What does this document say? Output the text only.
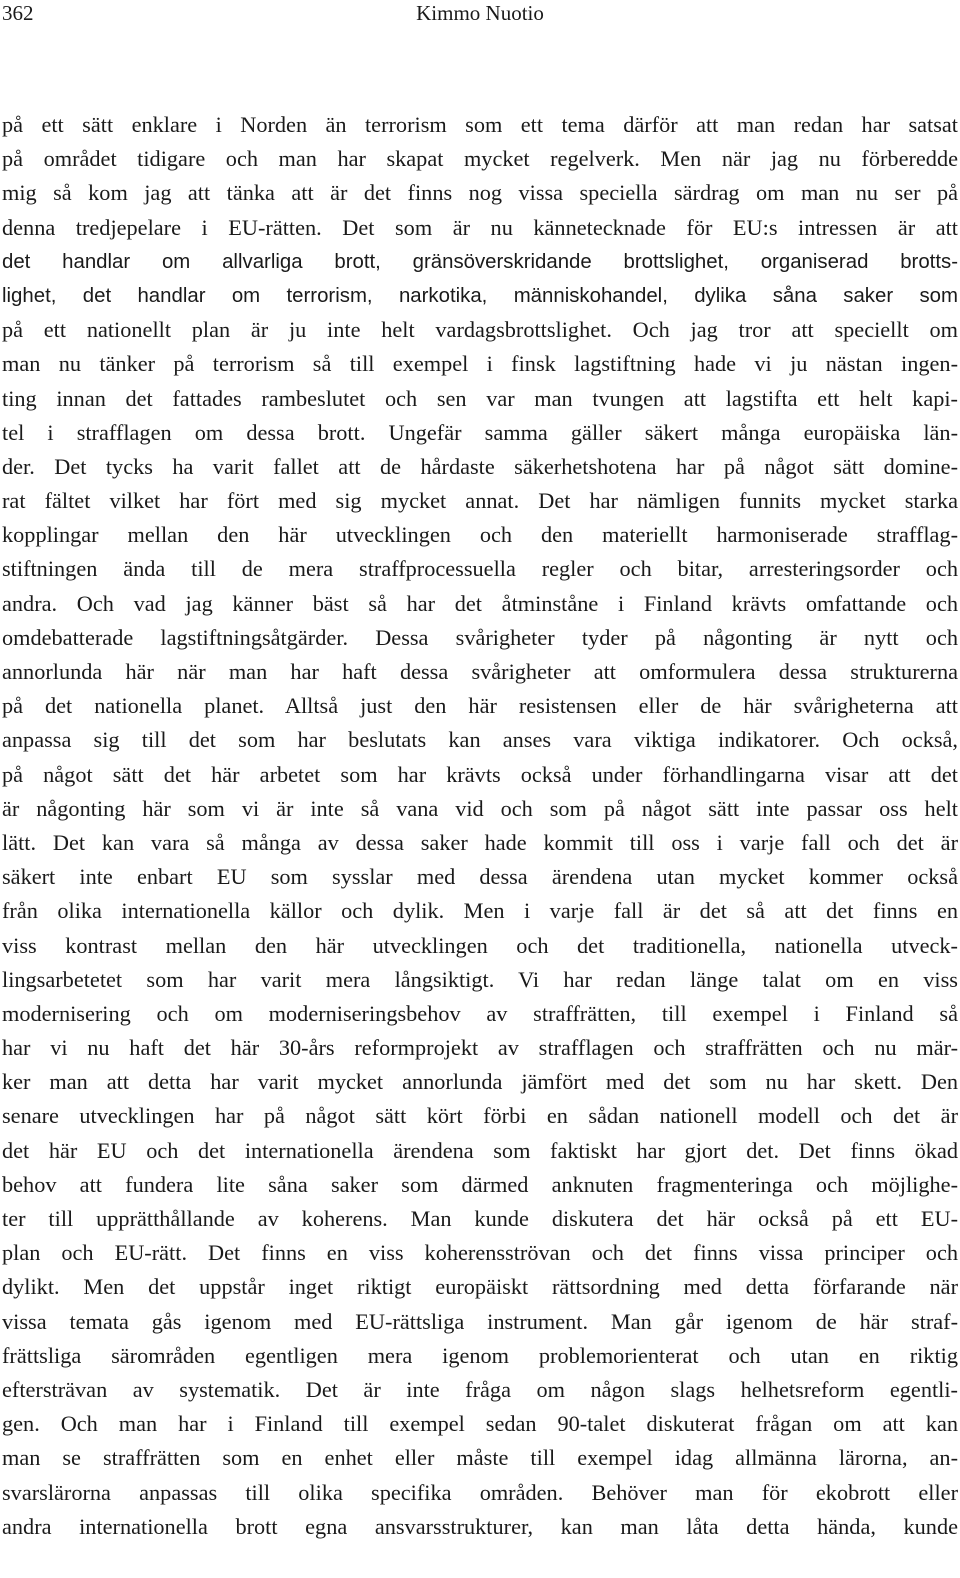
362	Kimmo Nuotio
på ett sätt enklare i Norden än terrorism som ett tema därför att man redan har satsat
på området tidigare och man har skapat mycket regelverk. Men när jag nu förberedde
mig så kom jag att tänka att är det finns nog vissa speciella särdrag om man nu ser på
denna tredjepelare i EU-rätten. Det som är nu kännetecknade för EU:s intressen är att
det handlar om allvarliga brott, gränsöverskridande brottslighet, organiserad brotts-
lighet, det handlar om terrorism, narkotika, människohandel, dylika såna saker som
på ett nationellt plan är ju inte helt vardagsbrottslighet. Och jag tror att speciellt om
man nu tänker på terrorism så till exempel i finsk lagstiftning hade vi ju nästan ingen-
ting innan det fattades rambeslutet och sen var man tvungen att lagstifta ett helt kapi-
tel i strafflagen om dessa brott. Ungefär samma gäller säkert många europäiska län-
der. Det tycks ha varit fallet att de hårdaste säkerhetshotena har på något sätt domine-
rat fältet vilket har fört med sig mycket annat. Det har nämligen funnits mycket starka
kopplingar mellan den här utvecklingen och den materiellt harmoniserade strafflag-
stiftningen ända till de mera straffprocessuella regler och bitar, arresteringsorder och
andra. Och vad jag känner bäst så har det åtminståne i Finland krävts omfattande och
omdebatterade lagstiftningsåtgärder. Dessa svårigheter tyder på någonting är nytt och
annorlunda här när man har haft dessa svårigheter att omformulera dessa strukturerna
på det nationella planet. Alltså just den här resistensen eller de här svårigheterna att
anpassa sig till det som har beslutats kan anses vara viktiga indikatorer. Och också,
på något sätt det här arbetet som har krävts också under förhandlingarna visar att det
är någonting här som vi är inte så vana vid och som på något sätt inte passar oss helt
lätt. Det kan vara så många av dessa saker hade kommit till oss i varje fall och det är
säkert inte enbart EU som sysslar med dessa ärendena utan mycket kommer också
från olika internationella källor och dylik. Men i varje fall är det så att det finns en
viss kontrast mellan den här utvecklingen och det traditionella, nationella utveck-
lingsarbetetet som har varit mera långsiktigt. Vi har redan länge talat om en viss
modernisering och om moderniseringsbehov av straffrätten, till exempel i Finland så
har vi nu haft det här 30-års reformprojekt av strafflagen och straffrätten och nu mär-
ker man att detta har varit mycket annorlunda jämfört med det som nu har skett. Den
senare utvecklingen har på något sätt kört förbi en sådan nationell modell och det är
det här EU och det internationella ärendena som faktiskt har gjort det. Det finns ökad
behov att fundera lite såna saker som därmed anknuten fragmenteringa och möjlighe-
ter till upprätthållande av koherens. Man kunde diskutera det här också på ett EU-
plan och EU-rätt. Det finns en viss koherensströvan och det finns vissa principer och
dylikt. Men det uppstår inget riktigt europäiskt rättsordning med detta förfarande när
vissa temata gås igenom med EU-rättsliga instrument. Man går igenom de här straf-
frättsliga särområden egentligen mera igenom problemorienterat och utan en riktig
eftersträvan av systematik. Det är inte fråga om någon slags helhetsreform egentli-
gen. Och man har i Finland till exempel sedan 90-talet diskuterat frågan om att kan
man se straffrätten som en enhet eller måste till exempel idag allmänna lärorna, an-
svarslärorna anpassas till olika specifika områden. Behöver man för ekobrott eller
andra internationella brott egna ansvarsstrukturer, kan man låta detta hända, kunde
